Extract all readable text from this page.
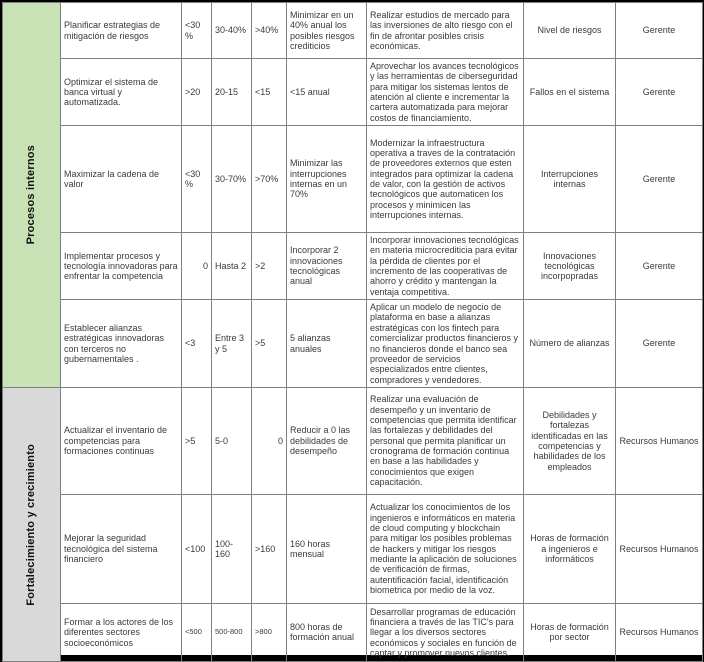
Procesos internos	Planificar estrategias de mitigación de riesgos	<30%	30-40%	>40%	Minimizar en un 40% anual los posibles riesgos crediticios	Realizar estudios de mercado para las inversiones de alto riesgo con el fin de afrontar posibles crisis económicas.	Nivel de riesgos	Gerente
	Optimizar el sistema de banca virtual y automatizada.	>20	20-15	<15	<15 anual	Aprovechar los avances tecnológicos y las herramientas de ciberseguridad para mitigar los sistemas lentos de atención al cliente e incrementar la cartera automatizada para mejorar costos de financiamiento.	Fallos en el sistema	Gerente
	Maximizar la cadena de valor	<30%	30-70%	>70%	Minimizar las interrupciones internas en un 70%	Modernizar la infraestructura operativa a traves de la contratación de proveedores externos que esten integrados para optimizar la cadena de valor, con la gestión de activos tecnológicos que automaticen los procesos y minimicen las interrupciones internas.	Interrupciones internas	Gerente
	Implementar procesos y tecnología innovadoras para enfrentar la competencia	0	Hasta 2	>2	Incorporar 2 innovaciones tecnológicas anual	Incorporar innovaciones tecnológicas en materia microcrediticia para evitar la pérdida de clientes por el incremento de las cooperativas de ahorro y crédito y mantengan la ventaja competitiva.	Innovaciones tecnológicas incorpopradas	Gerente
	Establecer alianzas estratégicas innovadoras con terceros no gubernamentales .	<3	Entre 3 y 5	>5	5 alianzas anuales	Aplicar un modelo de negocio de plataforma en base a alianzas estratégicas con los fintech para comercializar productos financieros y no financieros donde el banco sea proveedor de servicios especializados entre clientes, compradores y vendedores.	Número de alianzas	Gerente

Fortalecimiento y crecimiento	Actualizar el inventario de competencias para formaciones continuas	>5	5-0	0	Reducir a 0 las debilidades de desempeño	Realizar una evaluación de desempeño y un inventario de competencias que permita identificar las fortalezas y debilidades del personal que permita planificar un cronograma de formación continua en base a las habilidades y conocimientos que exigen capacitación.	Debilidades y fortalezas identificadas en las competencias y habilidades de los empleados	Recursos Humanos
	Mejorar la seguridad tecnológica del sistema financiero	<100	100-160	>160	160 horas mensual	Actualizar los conocimientos de los ingenieros e informáticos en materia de cloud computing y blockchain para mitigar los posibles problemas de hackers y mitigar los riesgos mediante la aplicación de soluciones de verificación de firmas, autentificación facial, identificación biometrica por medio de la voz.	Horas de formación a ingenieros e informáticos	Recursos Humanos
	Formar a los actores de los diferentes sectores socioeconómicos	<500	500-800	>800	800 horas de formación anual	Desarrollar programas de educación financiera a través de las TIC's para llegar a los diversos sectores económicos y sociales en función de captar y promover nuevos clientes.	Horas de formación por sector	Recursos Humanos
